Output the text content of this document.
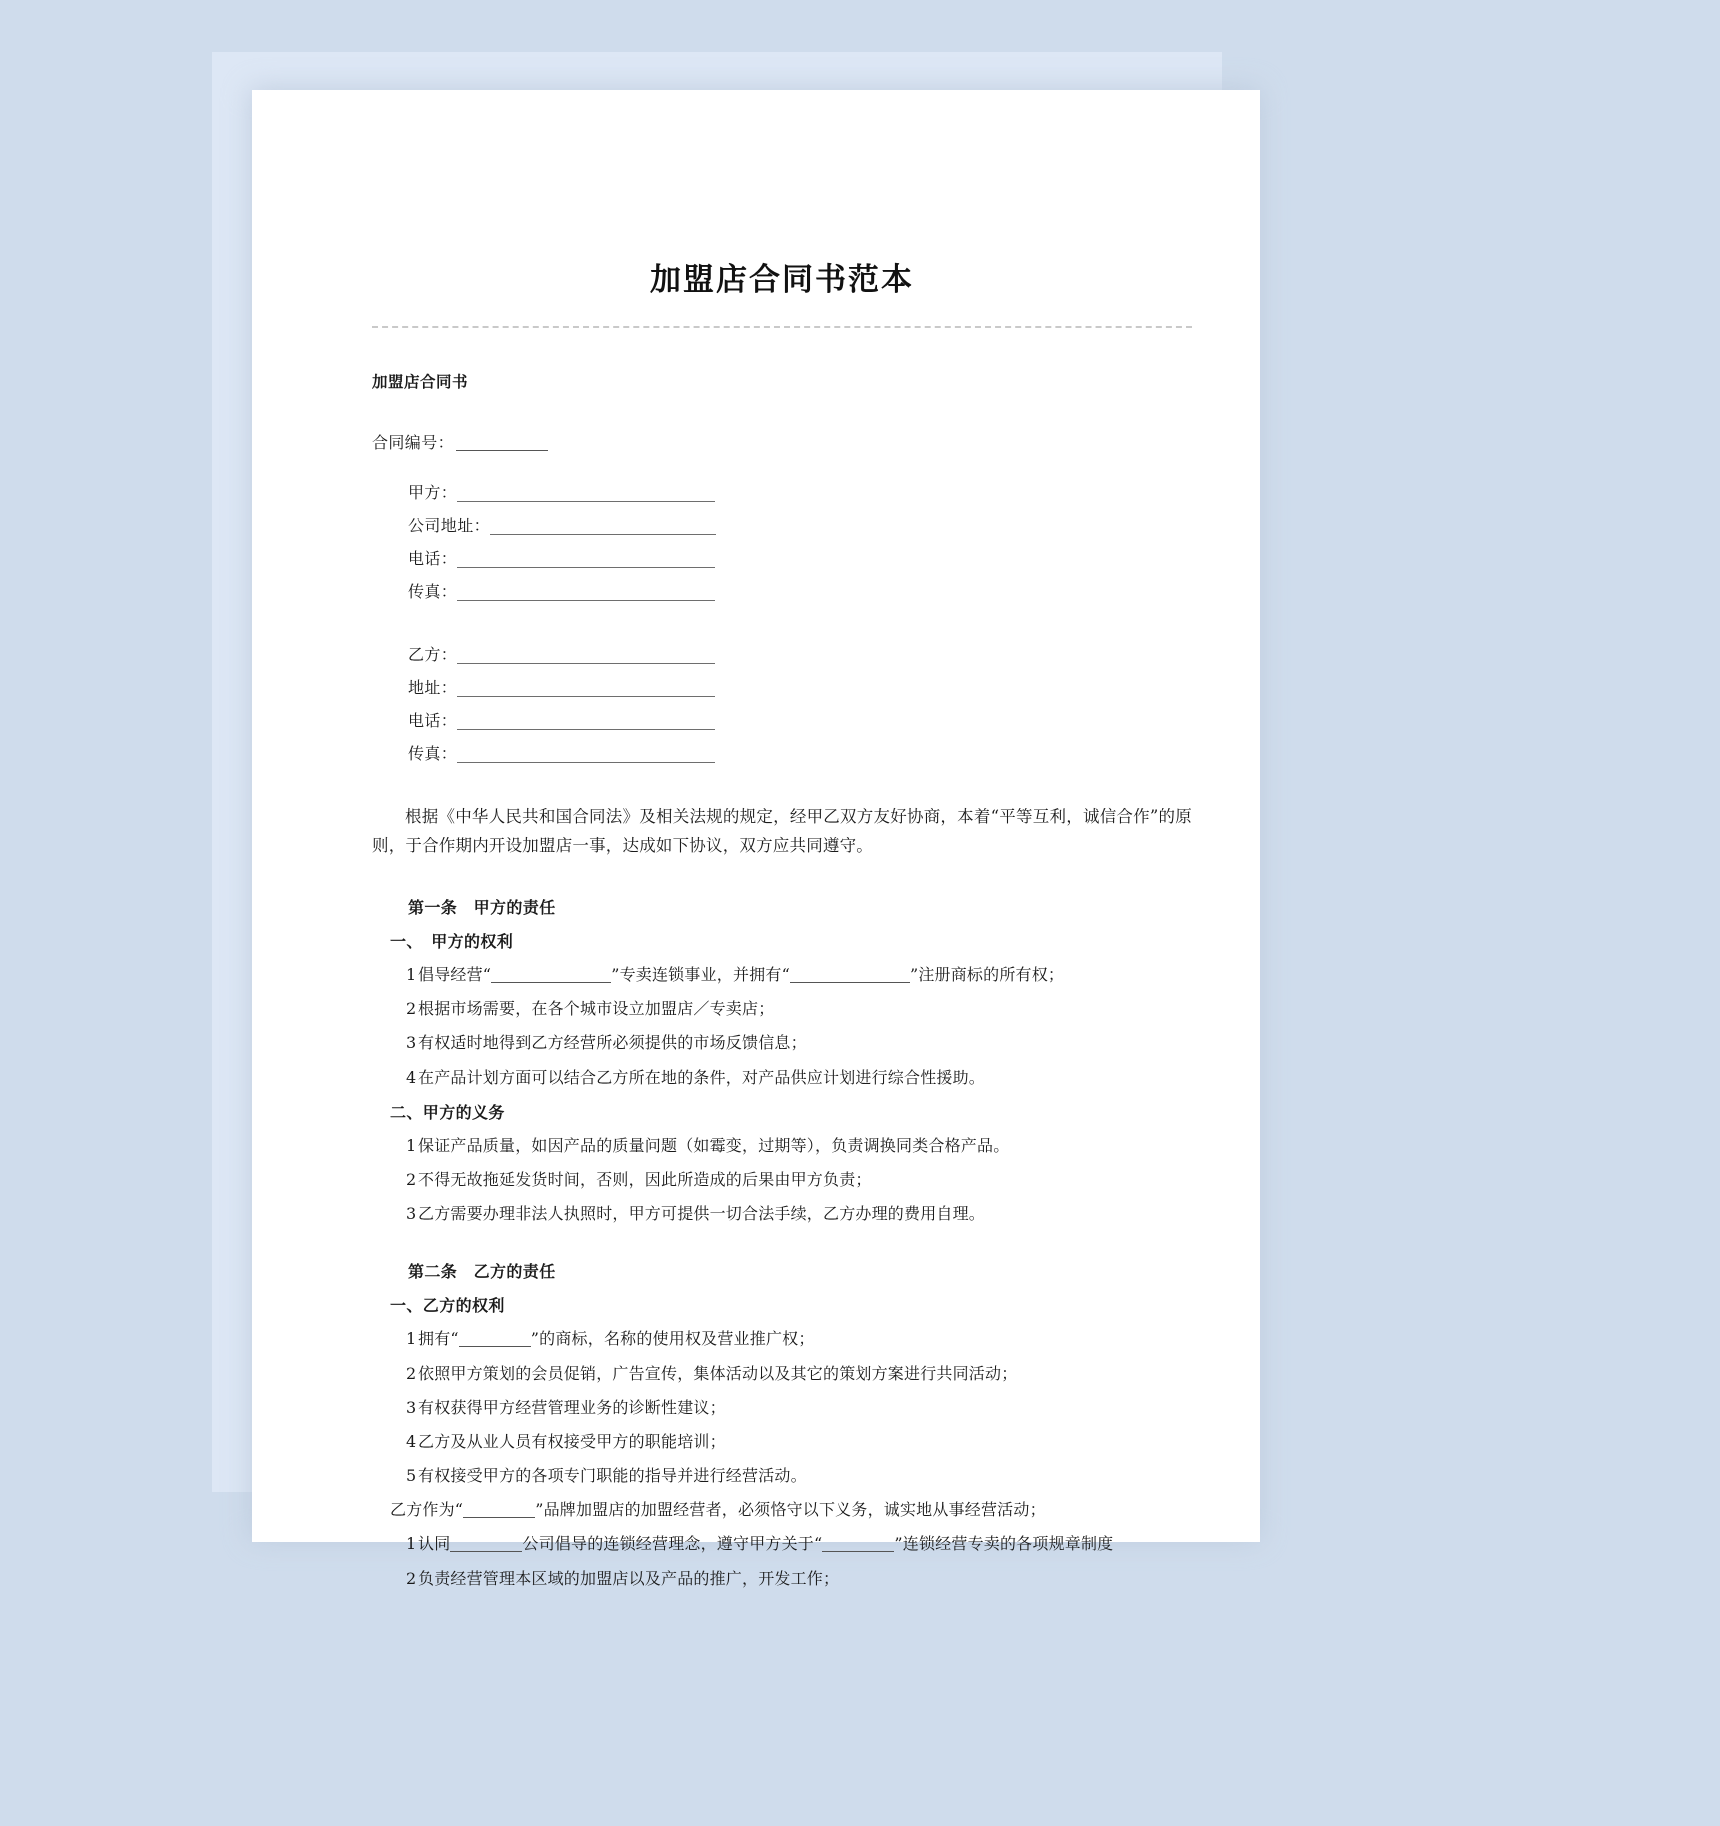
加盟店合同书范本
加盟店合同书
合同编号：
甲方：
公司地址：
电话：
传真：
乙方：
地址：
电话：
传真：
根据《中华人民共和国合同法》及相关法规的规定，经甲乙双方友好协商，本着“平等互利，诚信合作”的原则，于合作期内开设加盟店一事，达成如下协议，双方应共同遵守。
第一条　甲方的责任
一、　甲方的权利
1 倡导经营“	”专卖连锁事业，并拥有“	”注册商标的所有权；
2 根据市场需要，在各个城市设立加盟店／专卖店；
3 有权适时地得到乙方经营所必须提供的市场反馈信息；
4 在产品计划方面可以结合乙方所在地的条件，对产品供应计划进行综合性援助。
二、甲方的义务
1 保证产品质量，如因产品的质量问题（如霉变，过期等），负责调换同类合格产品。
2 不得无故拖延发货时间，否则，因此所造成的后果由甲方负责；
3 乙方需要办理非法人执照时，甲方可提供一切合法手续，乙方办理的费用自理。
第二条　乙方的责任
一、乙方的权利
1 拥有“	”的商标，名称的使用权及营业推广权；
2 依照甲方策划的会员促销，广告宣传，集体活动以及其它的策划方案进行共同活动；
3 有权获得甲方经营管理业务的诊断性建议；
4 乙方及从业人员有权接受甲方的职能培训；
5 有权接受甲方的各项专门职能的指导并进行经营活动。
乙方作为“	”品牌加盟店的加盟经营者，必须恪守以下义务，诚实地从事经营活动；
1 认同	公司倡导的连锁经营理念，遵守甲方关于“	”连锁经营专卖的各项规章制度
2 负责经营管理本区域的加盟店以及产品的推广，开发工作；
